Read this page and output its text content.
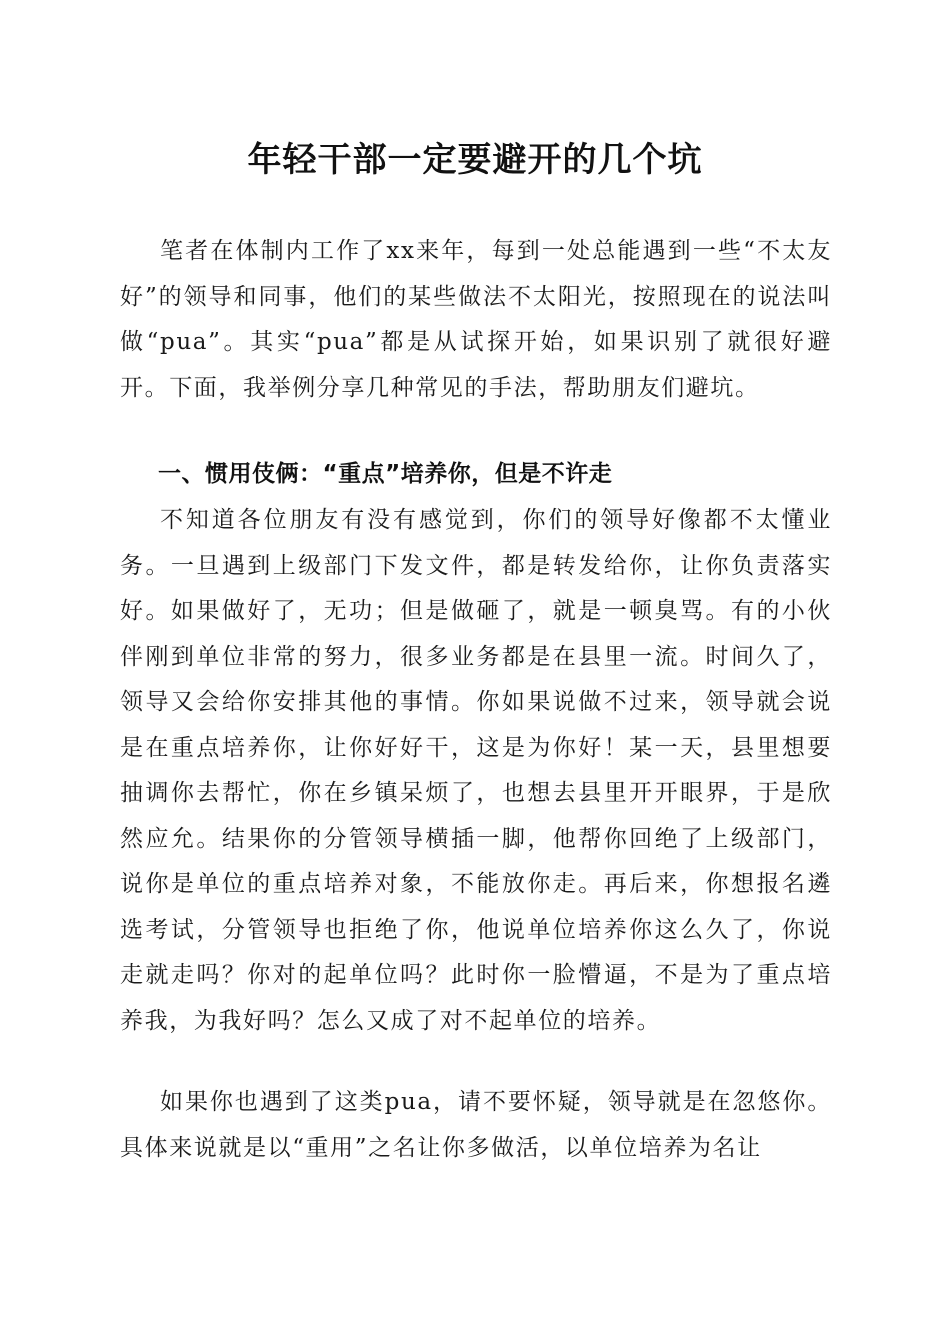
年轻干部一定要避开的几个坑
笔者在体制内工作了xx来年，每到一处总能遇到一些“不太友好”的领导和同事，他们的某些做法不太阳光，按照现在的说法叫做“pua”。其实“pua”都是从试探开始，如果识别了就很好避开。下面，我举例分享几种常见的手法，帮助朋友们避坑。
一、惯用伎俩：“重点”培养你，但是不许走
不知道各位朋友有没有感觉到，你们的领导好像都不太懂业务。一旦遇到上级部门下发文件，都是转发给你，让你负责落实好。如果做好了，无功；但是做砸了，就是一顿臭骂。有的小伙伴刚到单位非常的努力，很多业务都是在县里一流。时间久了，领导又会给你安排其他的事情。你如果说做不过来，领导就会说是在重点培养你，让你好好干，这是为你好！某一天，县里想要抽调你去帮忙，你在乡镇呆烦了，也想去县里开开眼界，于是欣然应允。结果你的分管领导横插一脚，他帮你回绝了上级部门，说你是单位的重点培养对象，不能放你走。再后来，你想报名遴选考试，分管领导也拒绝了你，他说单位培养你这么久了，你说走就走吗？你对的起单位吗？此时你一脸懵逼，不是为了重点培养我，为我好吗？怎么又成了对不起单位的培养。
如果你也遇到了这类pua，请不要怀疑，领导就是在忽悠你。具体来说就是以“重用”之名让你多做活，以单位培养为名让
